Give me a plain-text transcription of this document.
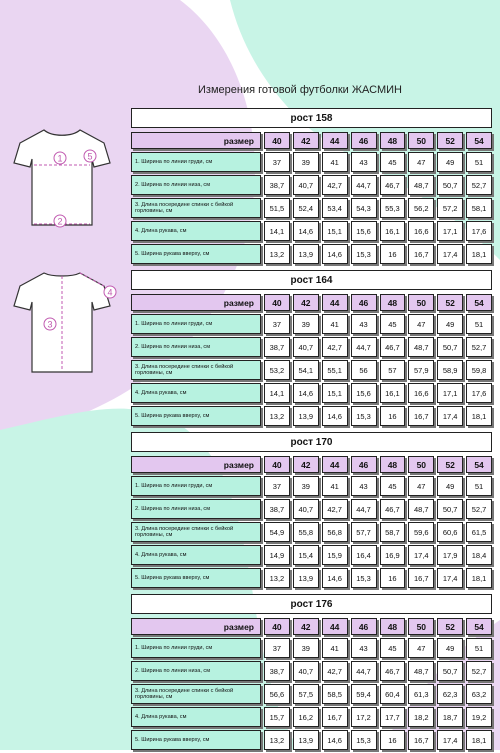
Измерения готовой футболки ЖАСМИН
1	5
2
4
3
рост 158
размер	40	42	44	46	48	50	52	54
1. Ширина по линии груди, см	37	39	41	43	45	47	49	51
2. Ширина по линии низа, см	38,7	40,7	42,7	44,7	46,7	48,7	50,7	52,7
3. Длина посередине спинки с бейкой горловины, см	51,5	52,4	53,4	54,3	55,3	56,2	57,2	58,1
4. Длина рукава, см	14,1	14,6	15,1	15,6	16,1	16,6	17,1	17,6
5. Ширина рукава вверху, см	13,2	13,9	14,6	15,3	16	16,7	17,4	18,1
рост 164
размер	40	42	44	46	48	50	52	54
1. Ширина по линии груди, см	37	39	41	43	45	47	49	51
2. Ширина по линии низа, см	38,7	40,7	42,7	44,7	46,7	48,7	50,7	52,7
3. Длина посередине спинки с бейкой горловины, см	53,2	54,1	55,1	56	57	57,9	58,9	59,8
4. Длина рукава, см	14,1	14,6	15,1	15,6	16,1	16,6	17,1	17,6
5. Ширина рукава вверху, см	13,2	13,9	14,6	15,3	16	16,7	17,4	18,1
рост 170
размер	40	42	44	46	48	50	52	54
1. Ширина по линии груди, см	37	39	41	43	45	47	49	51
2. Ширина по линии низа, см	38,7	40,7	42,7	44,7	46,7	48,7	50,7	52,7
3. Длина посередине спинки с бейкой горловины, см	54,9	55,8	56,8	57,7	58,7	59,6	60,6	61,5
4. Длина рукава, см	14,9	15,4	15,9	16,4	16,9	17,4	17,9	18,4
5. Ширина рукава вверху, см	13,2	13,9	14,6	15,3	16	16,7	17,4	18,1
рост 176
размер	40	42	44	46	48	50	52	54
1. Ширина по линии груди, см	37	39	41	43	45	47	49	51
2. Ширина по линии низа, см	38,7	40,7	42,7	44,7	46,7	48,7	50,7	52,7
3. Длина посередине спинки с бейкой горловины, см	56,6	57,5	58,5	59,4	60,4	61,3	62,3	63,2
4. Длина рукава, см	15,7	16,2	16,7	17,2	17,7	18,2	18,7	19,2
5. Ширина рукава вверху, см	13,2	13,9	14,6	15,3	16	16,7	17,4	18,1
